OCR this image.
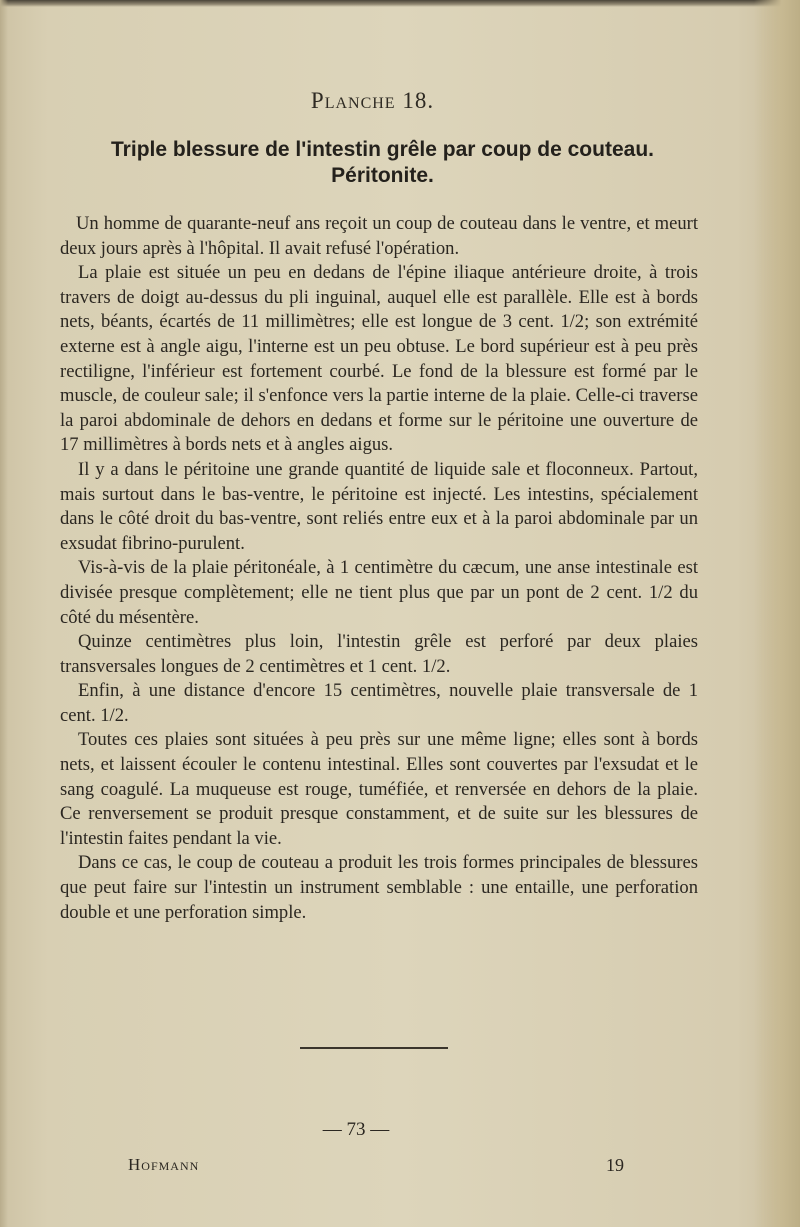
Planche 18.
Triple blessure de l'intestin grêle par coup de couteau.
Péritonite.

Un homme de quarante-neuf ans reçoit un coup de couteau dans le ventre, et meurt deux jours après à l'hôpital. Il avait refusé l'opération.

La plaie est située un peu en dedans de l'épine iliaque antérieure droite, à trois travers de doigt au-dessus du pli inguinal, auquel elle est parallèle. Elle est à bords nets, béants, écartés de 11 millimètres; elle est longue de 3 cent. 1/2; son extrémité externe est à angle aigu, l'interne est un peu obtuse. Le bord supérieur est à peu près rectiligne, l'inférieur est fortement courbé. Le fond de la blessure est formé par le muscle, de couleur sale; il s'enfonce vers la partie interne de la plaie. Celle-ci traverse la paroi abdominale de dehors en dedans et forme sur le péritoine une ouverture de 17 millimètres à bords nets et à angles aigus.

Il y a dans le péritoine une grande quantité de liquide sale et floconneux. Partout, mais surtout dans le bas-ventre, le péritoine est injecté. Les intestins, spécialement dans le côté droit du bas-ventre, sont reliés entre eux et à la paroi abdominale par un exsudat fibrino-purulent.

Vis-à-vis de la plaie péritonéale, à 1 centimètre du cæcum, une anse intestinale est divisée presque complètement; elle ne tient plus que par un pont de 2 cent. 1/2 du côté du mésentère.

Quinze centimètres plus loin, l'intestin grêle est perforé par deux plaies transversales longues de 2 centimètres et 1 cent. 1/2.

Enfin, à une distance d'encore 15 centimètres, nouvelle plaie transversale de 1 cent. 1/2.

Toutes ces plaies sont situées à peu près sur une même ligne; elles sont à bords nets, et laissent écouler le contenu intestinal. Elles sont couvertes par l'exsudat et le sang coagulé. La muqueuse est rouge, tuméfiée, et renversée en dehors de la plaie. Ce renversement se produit presque constamment, et de suite sur les blessures de l'intestin faites pendant la vie.

Dans ce cas, le coup de couteau a produit les trois formes principales de blessures que peut faire sur l'intestin un instrument semblable : une entaille, une perforation double et une perforation simple.

— 73 —
Hofmann	19
